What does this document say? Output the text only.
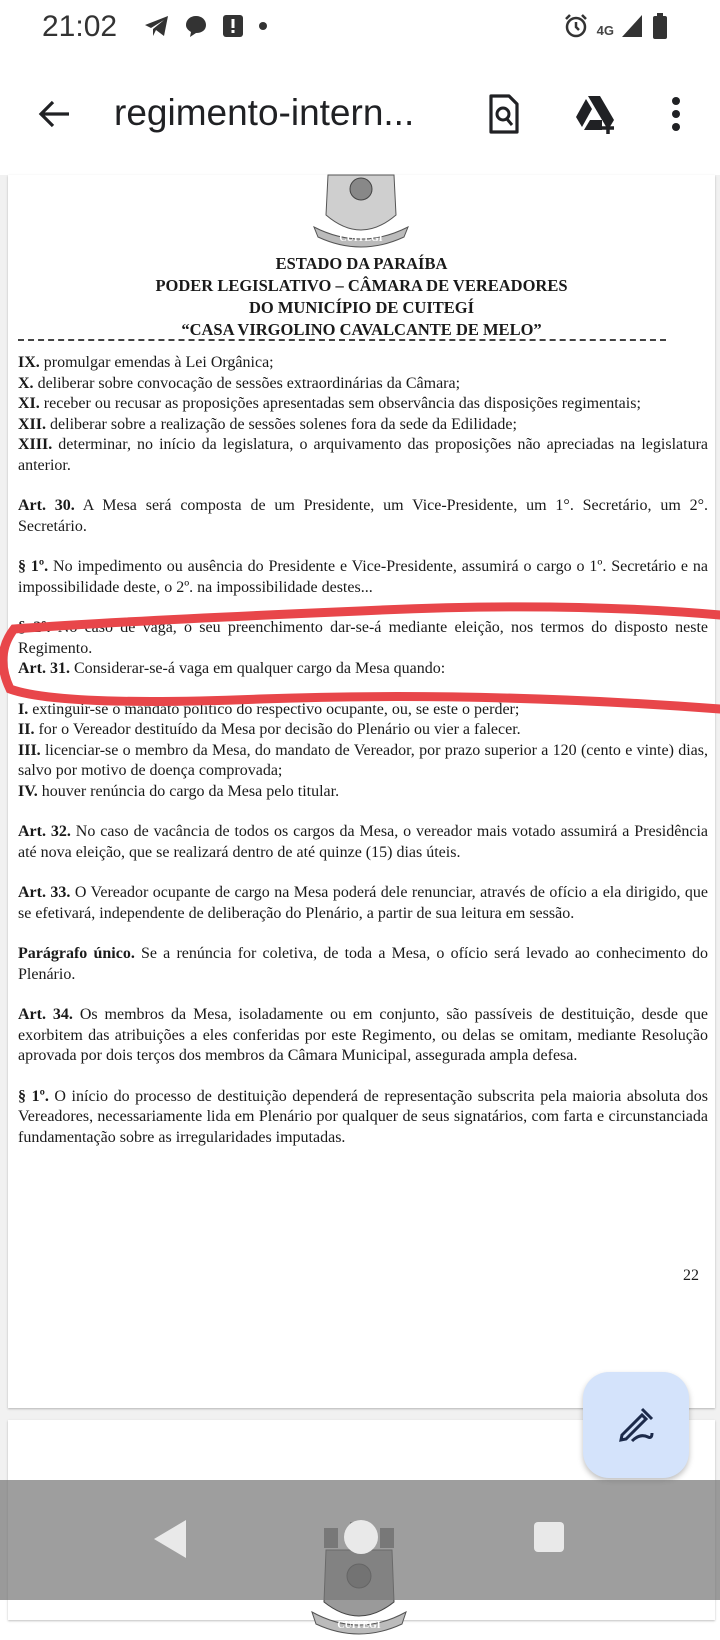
21:02	4G
regimento-intern...
CUITEGI
ESTADO DA PARAÍBA
PODER LEGISLATIVO – CÂMARA DE VEREADORES
DO MUNICÍPIO DE CUITEGÍ
“CASA VIRGOLINO CAVALCANTE DE MELO”

IX. promulgar emendas à Lei Orgânica;

X. deliberar sobre convocação de sessões extraordinárias da Câmara;

XI. receber ou recusar as proposições apresentadas sem observância das disposições regimentais;

XII. deliberar sobre a realização de sessões solenes fora da sede da Edilidade;

XIII. determinar, no início da legislatura, o arquivamento das proposições não apreciadas na legislatura anterior.

Art. 30. A Mesa será composta de um Presidente, um Vice-Presidente, um 1°. Secretário, um 2°. Secretário.

§ 1º. No impedimento ou ausência do Presidente e Vice-Presidente, assumirá o cargo o 1º. Secretário e na impossibilidade deste, o 2º. na impossibilidade destes...

§ 2º. No caso de vaga, o seu preenchimento dar-se-á mediante eleição, nos termos do disposto neste Regimento.

Art. 31. Considerar-se-á vaga em qualquer cargo da Mesa quando:

I. extinguir-se o mandato político do respectivo ocupante, ou, se este o perder;

II. for o Vereador destituído da Mesa por decisão do Plenário ou vier a falecer.

III. licenciar-se o membro da Mesa, do mandato de Vereador, por prazo superior a 120 (cento e vinte) dias, salvo por motivo de doença comprovada;

IV. houver renúncia do cargo da Mesa pelo titular.

Art. 32. No caso de vacância de todos os cargos da Mesa, o vereador mais votado assumirá a Presidência até nova eleição, que se realizará dentro de até quinze (15) dias úteis.

Art. 33. O Vereador ocupante de cargo na Mesa poderá dele renunciar, através de ofício a ela dirigido, que se efetivará, independente de deliberação do Plenário, a partir de sua leitura em sessão.

Parágrafo único. Se a renúncia for coletiva, de toda a Mesa, o ofício será levado ao conhecimento do Plenário.

Art. 34. Os membros da Mesa, isoladamente ou em conjunto, são passíveis de destituição, desde que exorbitem das atribuições a eles conferidas por este Regimento, ou delas se omitam, mediante Resolução aprovada por dois terços dos membros da Câmara Municipal, assegurada ampla defesa.

§ 1º. O início do processo de destituição dependerá de representação subscrita pela maioria absoluta dos Vereadores, necessariamente lida em Plenário por qualquer de seus signatários, com farta e circunstanciada fundamentação sobre as irregularidades imputadas.

22
CUITEGI
